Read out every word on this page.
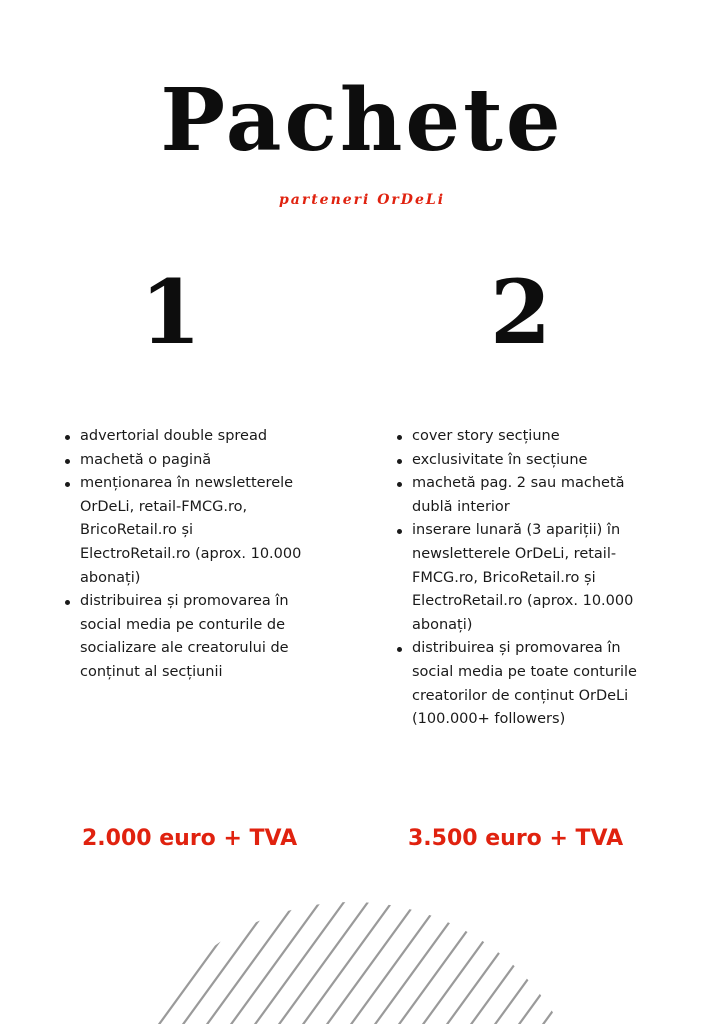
Pachete
parteneri OrDeLi
1	2
advertorial double spread
machetă o pagină
menționarea în newsletterele OrDeLi, retail-FMCG.ro, BricoRetail.ro și ElectroRetail.ro (aprox. 10.000 abonați)
distribuirea și promovarea în social media pe conturile de socializare ale creatorului de conținut al secțiunii
cover story secțiune
exclusivitate în secțiune
machetă pag. 2 sau machetă dublă interior
inserare lunară (3 apariții) în newsletterele OrDeLi, retail-FMCG.ro, BricoRetail.ro și ElectroRetail.ro (aprox. 10.000 abonați)
distribuirea și promovarea în social media pe toate conturile creatorilor de conținut OrDeLi (100.000+ followers)
2.000 euro + TVA	3.500 euro + TVA
